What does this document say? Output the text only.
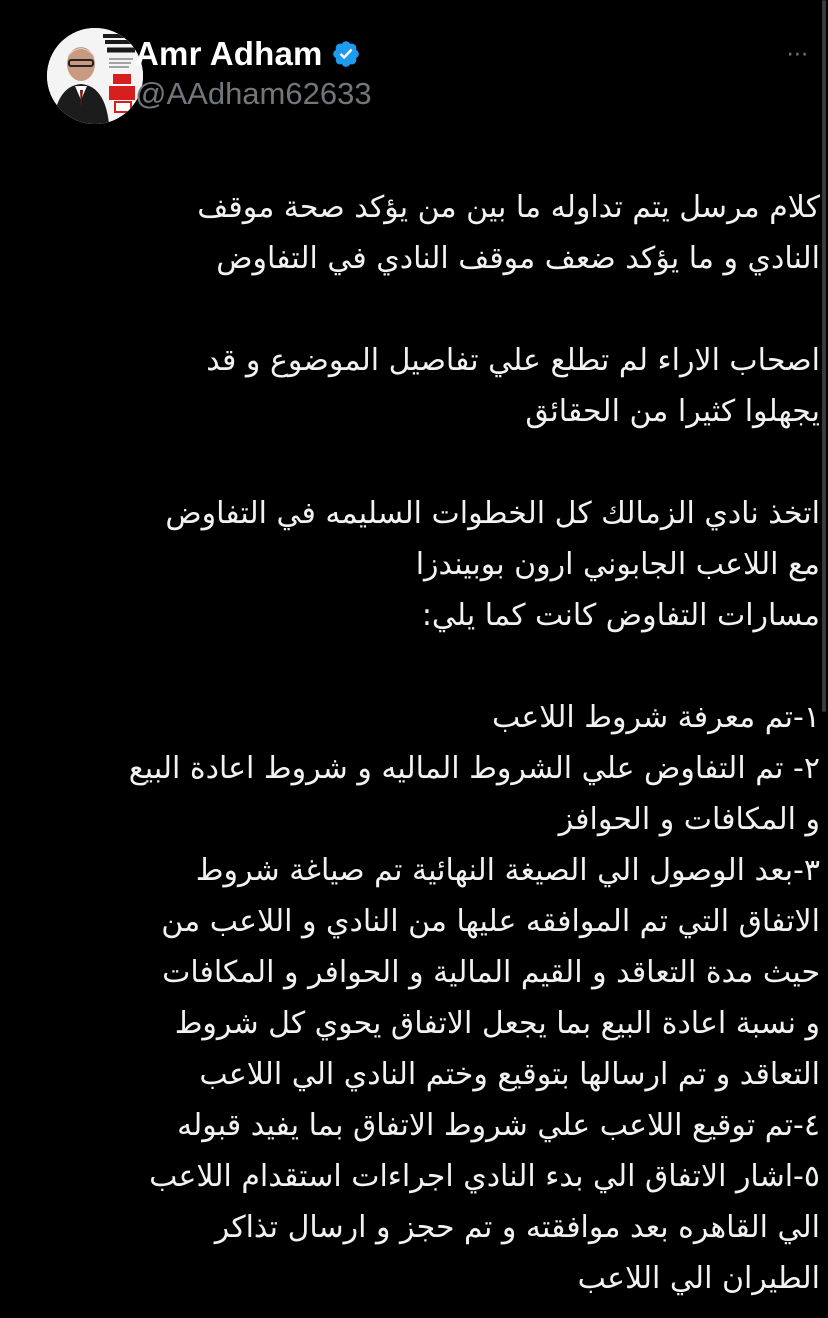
Amr Adham
@AAdham62633
⋯
كلام مرسل يتم تداوله ما بين من يؤكد صحة موقف
النادي و ما يؤكد ضعف موقف النادي في التفاوض
اصحاب الاراء لم تطلع علي تفاصيل الموضوع و قد
يجهلوا كثيرا من الحقائق
اتخذ نادي الزمالك كل الخطوات السليمه في التفاوض
مع اللاعب الجابوني ارون بوبيندزا
مسارات التفاوض كانت كما يلي:
١-تم معرفة شروط اللاعب
٢- تم التفاوض علي الشروط الماليه و شروط اعادة البيع
و المكافات و الحوافز
٣-بعد الوصول الي الصيغة النهائية تم صياغة شروط
الاتفاق التي تم الموافقه عليها من النادي و اللاعب من
حيث مدة التعاقد و القيم المالية و الحوافر و المكافات
و نسبة اعادة البيع بما يجعل الاتفاق يحوي كل شروط
التعاقد و تم ارسالها بتوقيع وختم النادي الي اللاعب
٤-تم توقيع اللاعب علي شروط الاتفاق بما يفيد قبوله
٥-اشار الاتفاق الي بدء النادي اجراءات استقدام اللاعب
الي القاهره بعد موافقته و تم حجز و ارسال تذاكر
الطيران الي اللاعب
